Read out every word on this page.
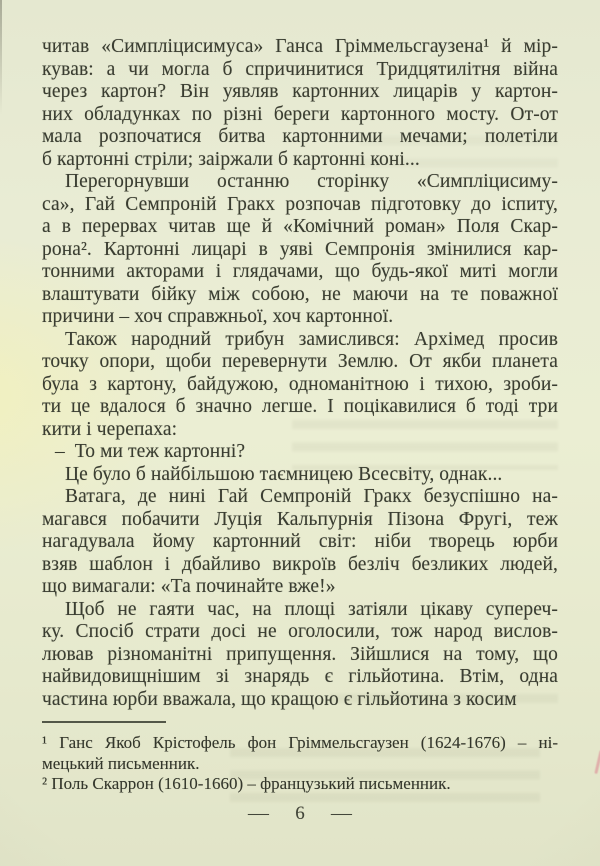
читав «Симпліцисимуса» Ганса Гріммельсгаузена¹ й мір-
кував: а чи могла б спричинитися Тридцятилітня війна
через картон? Він уявляв картонних лицарів у картон-
них обладунках по різні береги картонного мосту. От-от
мала розпочатися битва картонними мечами; полетіли
б картонні стріли; заіржали б картонні коні...
Перегорнувши останню сторінку «Симпліцисиму-
са», Гай Семпроній Гракх розпочав підготовку до іспиту,
а в перервах читав ще й «Комічний роман» Поля Скар-
рона². Картонні лицарі в уяві Семпронія змінилися кар-
тонними акторами і глядачами, що будь-якої миті могли
влаштувати бійку між собою, не маючи на те поважної
причини – хоч справжньої, хоч картонної.
Також народний трибун замислився: Архімед просив
точку опори, щоби перевернути Землю. От якби планета
була з картону, байдужою, одноманітною і тихою, зроби-
ти це вдалося б значно легше. І поцікавилися б тоді три
кити і черепаха:
– То ми теж картонні?
Це було б найбільшою таємницею Всесвіту, однак...
Ватага, де нині Гай Семпроній Гракх безуспішно на-
магався побачити Луція Кальпурнія Пізона Фругі, теж
нагадувала йому картонний світ: ніби творець юрби
взяв шаблон і дбайливо викроїв безліч безликих людей,
що вимагали: «Та починайте вже!»
Щоб не гаяти час, на площі затіяли цікаву супереч-
ку. Спосіб страти досі не оголосили, тож народ вислов-
лював різноманітні припущення. Зійшлися на тому, що
найвидовищнішим зі знарядь є гільйотина. Втім, одна
частина юрби вважала, що кращою є гільйотина з косим
¹ Ганс Якоб Крістофель фон Гріммельсгаузен (1624-1676) – ні-
мецький письменник.
² Поль Скаррон (1610-1660) – французький письменник.
— 6 —
